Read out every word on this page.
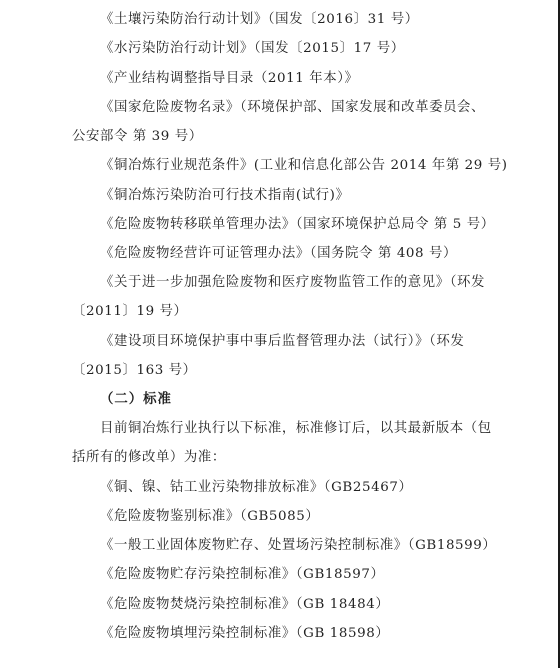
《土壤污染防治行动计划》（国发〔2016〕31 号）
《水污染防治行动计划》（国发〔2015〕17 号）
《产业结构调整指导目录（2011 年本）》
《国家危险废物名录》（环境保护部、国家发展和改革委员会、
公安部令 第 39 号）
《铜冶炼行业规范条件》(工业和信息化部公告 2014 年第 29 号)
《铜冶炼污染防治可行技术指南(试行)》
《危险废物转移联单管理办法》（国家环境保护总局令 第 5 号）
《危险废物经营许可证管理办法》（国务院令 第 408 号）
《关于进一步加强危险废物和医疗废物监管工作的意见》（环发
〔2011〕19 号）
《建设项目环境保护事中事后监督管理办法（试行）》（环发
〔2015〕163 号）
（二）标准
目前铜冶炼行业执行以下标准，标准修订后，以其最新版本（包
括所有的修改单）为准：
《铜、镍、钴工业污染物排放标准》（GB25467）
《危险废物鉴别标准》（GB5085）
《一般工业固体废物贮存、处置场污染控制标准》（GB18599）
《危险废物贮存污染控制标准》（GB18597）
《危险废物焚烧污染控制标准》（GB 18484）
《危险废物填埋污染控制标准》（GB 18598）
